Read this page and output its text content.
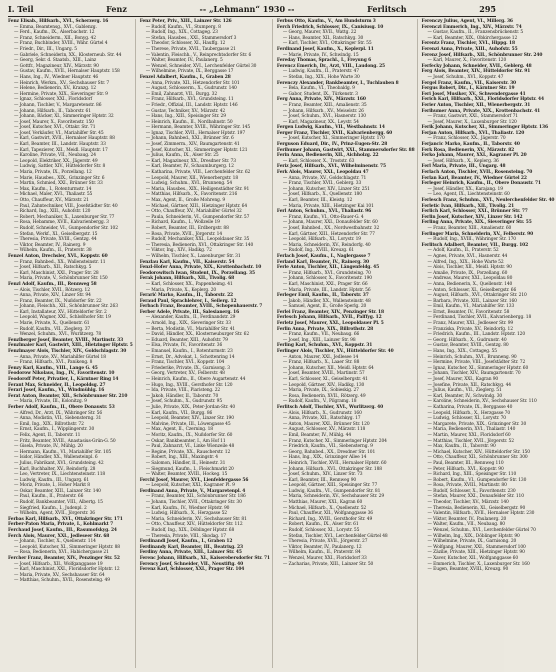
I. Teil	Fenz	-- „Lehmann“ 1930 --	Ferlitsch	295
Fenz Elisab., Hilfsarb., XVI., Scherzerg. 16
— Emma, Beamtensg., XVI., Gablenzg.
— Ferd., Kaufm., IX., Alserbachstr. 12
— Franz, Schneiderm., XII., Bonyg. 42
— Franz, Buchbinder, XVIII., Währ. Gürtel 4
— Friedr., Dir., III., Ungarg. 5
— Gabriele, Schneiderin, XX., Klosterneub. Str. 44
— Georg, Sekr. d. Staatsb., XIII., Lainz
— Gottfr., Magazineur, XIV., Märzstr. 90
— Gustav, Kaufm., XVII., Hernalser Hauptstr. 158
— Hans, Ing., IV., Wiedner Hauptstr. 46
— Heinrich, Werkm., XV., Sechshauser Str. 7
— Helene, Bedienerin, XV., Kranzg. 12
— Hermine, Private, XIX., Sieveringer Str. 9
— Ignaz, Schlosser, XXI., Floridsdorf
— Johann, Tischler, V., Margaretenstr. 86
— Johann, Hilfsarb., II., Taborstr. 61
— Johann, Bäcker, XI., Simmeringer Hptstr. 32
— Josef, Maurer, X., Favoritenstr. 150
— Josef, Kutscher, XVI., Ottakr. Str. 71
— Josef, Verkäufer, VI., Mariahilfer Str. 45
— Karl, Gastwirt, XVII., Hernalser Hauptstr. 88
— Karl, Beamter, III., Landstr. Hauptstr. 33
— Karl, Tapezierer, XII., Meidl. Hauptstr. 17
— Karoline, Private, VII., Neubaug. 24
— Leopold, Elektriker, XX., Jägerstr. 49
— Ludwig, Sattler, XIV., Hütteldorfer Str. 8
— Maria, Private, IX., Porzellang. 12
— Marie, Hausbes., XIX., Grinzinger Str. 6
— Martin, Schmied, XXI., Brünner Str. 33
— Max, Kaufm., I., Rotenturmstr. 14
— Michael, Maler, XVI., Thaliastr. 55
— Otto, Chauffeur, XV., Märzstr. 21
— Paul, Zahntechniker, VIII., Josefstädter Str. 40
— Richard, Ing., XIII., Auhofstr. 120
— Robert, Mechaniker, X., Laxenburger Str. 77
— Rosa, Hebamme, XVII., Kalvarienbergg. 3
— Rudolf, Schneider, VI., Gumpendorfer Str. 102
— Stefan, Werkf., XI., Geiselbergstr. 15
— Theresia, Private, XVIII., Gentzg. 44
— Viktor, Beamter, IV., Rainerg. 9
— Wilhelm, Kaufm., II., Praterstr. 38
Fenzel Anton, Drechsler, XVI., Koppstr. 60
— Franz, Bahnbed., XX., Wallensteinstr. 11
— Josef, Hilfsarb., XII., Ratschkyg. 5
— Karl, Maschinist, XXI., Prager Str. 28
— Maria, Private, V., Schönbrunner Str. 150
Fenzl Adolf, Kaufm., III., Rennweg 58
— Alois, Tischler, XVII., Rötzerg. 12
— Anna, Private, XIV., Linzer Str. 94
— Franz, Beamter, IX., Nußdorfer Str. 22
— Johann, Fleischh., XII., Schönbrunner Str. 263
— Karl, Installateur, XV., Hütteldorfer Str. 2
— Leopold, Wagner, XXI., Schloßhofer Str. 19
— Marie, Private, X., Quellenstr. 61
— Rudolf, Kaufm., VII., Zieglerg. 37
— Wenzel, Schuhm., XVI., Wurlitzerg. 78
Fenzlberger Josef, Beamter, XVIII., Martinstr. 33
Fenzlmaier Karl, Gastwirt, XIII., Hietzinger Hptstr. 5
Fenzlmayer Alois, Tischler, XIV., Goldschlagstr. 30
— Anna, Private, XV., Mariahilfer Gürtel 18
— Franz, Hilfsarb., XVI., Panikeng. 8
Fenzy Karl, Kaufm., VIII., Lange G. 45
Feodorow Nikolaus, Ing., IV., Favoritenstr. 10
Feodoroff Peter, Privatier, I., Kärntner Ring 14
Ferant Max, Schneider, II., Leopoldsg. 27
Ferari Josef, Kaufm., VI., Windmühlg. 16
Ferat Anton, Beamter, XII., Schönbrunner Str. 210
— Maria, Private, III., Kolonitzg. 9
Ferber Adolf, Kaufm., II., Obere Donaustr. 53
— Alfred, Dr., Arzt, IX., Währinger Str. 56
— Anna, Modistin, VII., Siebensterng. 31
— Emil, Ing., XIX., Billrothstr. 72
— Ernst, Kaufm., I., Wipplingerstr. 30
— Felix, Agent, II., Taborstr. 11
— Fritz, Beamter, XVIII., Anastasius-Grün-G. 50
— Gisela, Private, IV., Mühlg. 20
— Hermann, Kaufm., VI., Mariahilfer Str. 105
— Isidor, Händler, XX., Wallensteinpl. 6
— Julius, Fabrikant, XVI., Grundsteing. 42
— Karl, Buchhalter, XV., Reindorfg. 28
— Leo, Vertreter, IX., Liechtensteinstr. 118
— Ludwig, Kaufm., III., Ungarg. 61
— Moriz, Private, I., Hoher Markt 8
— Oskar, Beamter, XIII., Lainzer Str. 140
— Paul, Kaufm., II., Praterstr. 66
— Rudolf, Bankbeamter, VIII., Albertg. 15
— Siegfried, Kaufm., I., Judenpl. 2
— Wilhelm, Agent, XVII., Jörgerstr. 36
Ferbas Karl, Hilfsarb., XVI., Ottakringer Str. 171
Ferber-Paton Maria, Private, I., Kohlmarkt 7
Ferchaud Josef, Kaufm., III., Rasumofskyg. 24
Ferch Alois, Maurer, XXI., Jedleseer Str. 68
— Johann, Tischler, X., Quellenstr. 114
— Leopold, Kutscher, XI., Simmeringer Hptstr. 88
— Rosa, Bedienerin, XVI., Habichergasse 21
Fercher Franz, Beamter, XIV., Penzinger Str. 52
— Josef, Hilfsarb., XII., Wolfganggasse 19
— Karl, Maschinist, XXI., Floridsdorfer Hptstr. 12
— Maria, Private, XV., Sechshauser Str. 64
— Matthias, Schuhm., XVII., Rosensteing. 49
Fenz Peter, Priv., XIII., Lainzer Str. 126
— Rudolf, Kaufm., VI., Stumperg. 8
— Rudolf, Ing., XIX., Cottageg. 23
— Stefan, Hausbes., XXI., Stammersdorf 3
— Theodor, Schlosser, XI., Hauffg. 12
— Therese, Private, XVII., Taubergasse 21
— Valentin, Fleischh., V., Reinprechtsdorfer Str. 6
— Walter, Beamter, IV., Paulanerg. 5
— Wenzel, Schneider, XVI., Lerchenfelder Gürtel 30
— Wilhelmine, Private, IX., Berggasse 17
Fenzel Adalbert, Kaufm., I., Graben 28
— Anna, Private, XII., Hetzendorfer Str. 101
— August, Schlosserm., X., Gudrunstr. 140
— Emil, Zahnarzt, VII., Burgg. 32
— Franz, Hilfsarb., XVI., Grundsteing. 11
— Friedr., Offizial, III., Landstr. Hptstr. 146
— Gustav, Techniker, XV., Märzstr. 42
— Hans, Ing., XIII., Speisinger Str. 29
— Heinrich, Kaufm., II., Nordbahnstr. 50
— Hermann, Beamter, XVIII., Währinger Str. 145
— Ignaz, Tischler, XVII., Hernalser Hptstr. 197
— Johann, Bahnbed., XXI., Brünner Str. 6
— Josef, Zimmerm., XIV., Baumgartenstr. 41
— Josef, Kutscher, XI., Simmeringer Hptstr. 121
— Julius, Kaufm., IX., Alser Str. 25
— Karl, Magazineur, XX., Dresdner Str. 73
— Karl, Beamter, IV., Schaumburgerg. 12
— Katharina, Private, VIII., Lerchenfelder Str. 62
— Leopold, Maurer, XII., Wienerbergstr. 18
— Ludwig, Schuhm., XVI., Brunneng. 54
— Maria, Hausbes., XIX., Heiligenstädter Str. 91
— Matthias, Hilfsarb., X., Favoritenstr. 216
— Max, Agent, II., Große Mohreng. 9
— Michael, Gärtner, XIII., Hietzinger Hptstr. 64
— Otto, Chauffeur, XV., Mariahilfer Gürtel 32
— Paula, Schneiderin, VI., Gumpendorfer Str. 57
— Richard, Kaufm., I., Wollzeile 19
— Robert, Beamter, III., Erdbergstr. 88
— Rosa, Private, XVII., Jörgerstr. 14
— Rudolf, Mechaniker, XXI., Leopoldauer Str. 35
— Theresia, Bedienerin, XVI., Ottakringer Str. 140
— Viktor, Ing., XIV., Hadikg. 72
— Wilhelm, Tischler, X., Laxenburger Str. 31
Fenzlau Karl, Kaufm., VII., Kaiserstr. 54
Fenzl-Hofer Anna, Private, XIX., Krottenbachstr. 10
Feodorowitsch Iwan, Student, IX., Porzellang. 35
Ferak Johann, Hilfsarb., XII., Tivolig. 68
— Karl, Schlosser, XX., Pappenheimg. 41
— Maria, Private, X., Keplerg. 20
Ferarić Marko, Kaufm., II., Taborstr. 22
Feraud Paul, Sprachlehrer, I., Seilerg. 12
Ferbach Franz, Beamter, XVIII., Schopenhauerstr. 7
Ferber Adele, Private, III., Salesianerg. 16
— Alexander, Kaufm., II., Ferdinandstr. 29
— Arnold, Ing., XIX., Sieveringer Str. 33
— Berta, Modistin, VI., Mariahilfer Str. 41
— David, Händler, XX., Klosterneuburger Str. 62
— Eduard, Beamter, XIII., Auhofstr. 79
— Elsa, Private, IV., Favoritenstr. 36
— Emanuel, Kaufm., I., Rotenturmstr. 23
— Ernst, Dr., Advokat, I., Schottenring 14
— Franz, Tischler, XVI., Koppstr. 104
— Friederike, Private, IX., Garnisong. 3
— Georg, Vertreter, XV., Felberstr. 48
— Heinrich, Kaufm., II., Obere Augartenstr. 44
— Hugo, Ing., XVIII., Gersthofer Str. 120
— Ida, Private, VIII., Piaristeng. 22
— Jakob, Händler, II., Taborstr. 70
— Josef, Schuhm., X., Gudrunstr. 95
— Julie, Private, XIX., Peter-Jordan-Str. 40
— Karl, Kaufm., VII., Burgg. 86
— Leopold, Beamter, XIV., Linzer Str. 190
— Malvine, Private, III., Löwengasse 45
— Max, Agent, II., Czerning. 18
— Moritz, Kaufm., IX., Nußdorfer Str. 60
— Oskar, Bankbeamter, I., Am Hof 11
— Paul, Zahnarzt, VI., Linke Wienzeile 48
— Regine, Private, XX., Rauscherstr. 12
— Robert, Ing., XIII., Maxingstr. 4
— Salomon, Händler, II., Heinestr. 31
— Siegmund, Kaufm., I., Fleischmarkt 20
— Walter, Beamter, XVIII., Hockeg. 15
Ferchl Josef, Maurer, XVI., Lienfeldergasse 56
— Leopold, Kutscher, XXI., Kagraner Pl. 9
Ferdinand Anna, Private, V., Margaretenpl. 4
— Franz, Beamter, XII., Schönbrunner Str. 186
— Johann, Tischler, XVII., Ottakringer Str. 30
— Karl, Kaufm., IV., Wiedner Hptstr. 90
— Ludwig, Hilfsarb., X., Herzgasse 52
— Maria, Schneiderin, XV., Sechshauser Str. 81
— Otto, Chauffeur, XIV., Hütteldorfer Str. 112
— Rudolf, Ing., XIX., Döblinger Hptstr. 68
— Theresia, Private, VIII., Skodag. 17
Ferdinandi Josef, Kaufm., I., Graben 12
Ferdinandy Karl, Beamter, III., Beatrixg. 23
Ferdiny Anna, Private, XIII., Lainzer Str. 45
Ferenc Johann, Hilfsarb., XI., Kaiserebersdorfer Str. 71
Ferency Josef, Schneider, VII., Neustiftg. 40
Ferenz Karl, Schlosser, XXI., Prager Str. 104
Ferbus Otto, Kaufm., V., Am Hundsturm 3
Ferch Friedrich, Schlosser, IX., Canisiusg. 10
— Georg, Maurer, XVII., Wattg. 22
— Hans, Beamter, XII., Ratschkyg. 30
— Karl, Tischler, XVI., Ottakringer Str. 55
Ferdinand Josef, Kaufm., X., Keplerpl. 11
— Marie, Private, IV., Schwindg. 15
Fereday Thomas, Sprachl., I., Freyung 6
Ferencz Emerich, Dr., Arzt, VIII., Laudong. 25
— Ludwig, Kaufm., II., Praterstr. 47
— Stefan, Ing., XIX., Hohe Warte 30
Ferenczy Alexander, Bankbeamter, I., Tuchlauben 8
— Bela, Kaufm., VI., Theobaldg. 9
— Gabor, Student, IX., Türkenstr. 3
Ferg Anna, Private, XIV., Märzstr. 160
— Franz, Beamter, XIII., Amalienstr. 35
— Johann, Hilfsarb., XV., Meiselstr. 26
— Josef, Schuhm., XVI., Hasnerstr. 130
— Karl, Magazineur, XX., Leystr. 54
Fergen Ludwig, Kaufm., VII., Westbahnstr. 14
Ferger Franz, Tischler, XVII., Kalvarienbergg. 60
— Josef, Kutscher, XI., Simmeringer Hptstr. 170
Ferguson Eduard, Dir., IV., Prinz-Eugen-Str. 28
Ferihumer Johann, Gastwirt, XXI., Stammersdorfer Str. 88
Ferin Anna, Bedienerin, XII., Aichholzg. 22
— Karl, Schlosser, X., Troststr. 63
Feriz Josef, Hilfsarb., XVI., Wilhelminenstr. 75
Ferk Alois, Maurer, XXI., Leopoldau 47
— Anna, Private, XV., Goldschlagstr. 71
— Franz, Tischler, XVII., Geblerg. 33
— Johann, Kutscher, XIV., Linzer Str. 251
— Josef, Hilfsarb., X., Quellenstr. 180
— Karl, Beamter, III., Kleistg. 12
— Maria, Private, XIII., Hietzinger Kai 101
Ferl Anton, Schuhm., XVI., Thaliastr. 96
— Franz, Kaufm., VI., Otto-Bauer-G. 4
— Johann, Maurer, XXI., Donaufelder Str. 60
— Josef, Bahnbed., XX., Nordwestbahnstr. 32
— Karl, Gärtner, XIII., Hetzendorfer Str. 77
— Leopold, Hilfsarb., XI., Lorystr. 19
— Maria, Schneiderin, XV., Reindorfg. 40
— Rudolf, Ing., XVIII., Kreuzg. 61
Ferlach Josef, Kaufm., I., Naglergasse 7
Ferland Karl, Beamter, IV., Rainerg. 30
Ferle Anton, Tischler, XII., Längenfeldg. 45
— Franz, Hilfsarb., XVI., Grundsteing. 70
— Johann, Schlosser, X., Favoritenstr. 190
— Karl, Maschinist, XXI., Prager Str. 66
— Maria, Private, III., Landstr. Hptstr. 56
Ferleger Emil, Kaufm., II., Taborstr. 37
— Jakob, Händler, XX., Wallensteinstr. 48
— Samuel, Agent, II., Große Sperlg. 20
Ferlei Franz, Beamter, XIV., Penzinger Str. 18
Ferlesch Johann, Hilfsarb., XVII., Palffyg. 12
Ferletz Josef, Maurer, XXI., Leopoldauer Pl. 5
Ferlin Anna, Private, XIX., Billrothstr. 28
— Franz, Kaufm., VII., Neubaug. 66
— Josef, Ing., XIII., Lainzer Str. 98
Ferling Karl, Schuhm., XVI., Koppstr. 31
Ferlinger Alois, Tischler, XV., Hütteldorfer Str. 40
— Anton, Maurer, XXI., Jedlesee 14
— Franz, Hilfsarb., X., Laaer Str. 88
— Johann, Kutscher, XII., Meidl. Hptstr. 64
— Josef, Beamter, XVIII., Martinstr. 57
— Karl, Schlosser, XI., Geiselbergstr. 41
— Leopold, Gärtner, XIV., Hadikg. 130
— Maria, Private, IX., Sobieskig. 27
— Rosa, Bedienerin, XVII., Rötzerg. 49
— Rudolf, Kaufm., V., Pilgramg. 18
Ferlitsch Adolf, Tischler, XVI., Wurlitzerg. 40
— Alois, Hilfsarb., X., Gudrunstr. 160
— Anna, Private, XII., Ratschkyg. 17
— Anton, Maurer, XXI., Brünner Str. 120
— August, Schlosser, XV., Märzstr. 118
— Emil, Beamter, IV., Mühlg. 44
— Franz, Kutscher, XI., Simmeringer Hptstr. 204
— Friedrich, Kaufm., VII., Siebensterng. 9
— Georg, Bahnbed., XX., Dresdner Str. 101
— Hans, Ing., XIX., Grinzinger Allee 14
— Heinrich, Tischler, XVII., Hernalser Hptstr. 60
— Johann, Hilfsarb., XVI., Ottakringer Str. 188
— Josef, Schuhm., XIV., Linzer Str. 73
— Karl, Beamter, III., Rennweg 90
— Leopold, Gärtner, XIII., Speisinger Str. 77
— Ludwig, Kaufm., VI., Gumpendorfer Str. 81
— Maria, Schneiderin, XV., Sechshauser Str. 29
— Matthias, Maurer, XXI., Kagran 60
— Michael, Hilfsarb., X., Quellenstr. 52
— Paul, Chauffeur, XII., Wolfganggasse 36
— Richard, Ing., XVIII., Gersthofer Str. 49
— Robert, Kaufm., IX., Alser Str. 61
— Rudolf, Schlosser, XI., Lorystr. 55
— Stefan, Tischler, XVI., Lerchenfelder Gürtel 48
— Theresia, Private, XVII., Jörgerstr. 27
— Viktor, Beamter, IV., Paulanerg. 12
— Wilhelm, Kaufm., II., Praterstr. 84
— Wenzel, Maurer, XXI., Floridsdorf 33
— Zacharias, Private, XIII., Lainzer Str. 50
Ferenczy Julius, Agent, VI., Millerg. 36
Ferenczi Emmerich, Ing., XIV., Märzstr. 74
— Gustav, Kaufm., II., Franzensbrückenstr. 5
— Karl, Beamter, XIX., Obkirchergasse 12
Ferentz Franz, Tischler, XVI., Hippg. 18
Ferenzi Anna, Private, XIII., Auhofstr. 55
Ferenz Josef, Hilfsarb., XII., Schönbrunner Str. 240
— Karl, Maurer, X., Favoritenstr. 120
Ferfecky Johann, Schneider, XVII., Geblerg. 48
Ferg Alois, Beamter, XIV., Hütteldorfer Str. 91
— Josef, Schuhm., XVI., Koppstr. 47
Fergel Franz, Kaufm., VII., Kaiserstr. 30
Fergus Robert, Dir., I., Kärntner Str. 19
Feri Josef, Musiker, XV., Schwendergasse 41
Ferich Karl, Hilfsarb., XXI., Floridsdorfer Hptstr. 44
Ferier Anton, Tischler, XII., Wienerbergstr. 31
Ferihumer Anna, Private, XIX., Krottenbachstr. 41
— Franz, Gastwirt, XXI., Stammersdorf 71
— Josef, Maurer, X., Laxenburger Str. 120
Ferik Johann, Kutscher, XI., Simmeringer Hptstr. 136
Ferjan Anton, Hilfsarb., XVI., Thaliastr. 120
— Franz, Schlosser, XX., Jägerstr. 70
Ferjancic Marko, Kaufm., II., Taborstr. 40
Ferk Rosa, Bedienerin, XV., Märzstr. 82
Ferko Johann, Maurer, XXI., Kagraner Pl. 20
— Josef, Hilfsarb., X., Keplerg. 36
Ferl Maria, Private, III., Ungarg. 48
Ferlach Anton, Tischler, XVII., Rosensteing. 70
Ferlan Karl, Beamter, IV., Wiedner Gürtel 22
Ferleger Heinrich, Kaufm., II., Obere Donaustr. 71
— Josef, Händler, XX., Karajang. 19
— Leo, Agent, IX., Liechtensteinstr. 60
Ferlesch Franz, Schuhm., XVI., Neulerchenfelder Str. 40
Ferletic Ivan, Hilfsarb., XII., Tivolig. 21
Ferlich Karl, Schlosser, XXI., Brünner Str. 77
Ferlin Josef, Kutscher, XIV., Linzer Str. 142
Ferling Anna, Private, XIX., Sieveringer Str. 55
— Franz, Beamter, XIII., Amalienstr. 60
Ferlinger Maria, Schneiderin, XV., Felberstr. 90
— Rudolf, Ing., XVIII., Währinger Str. 170
Ferlitsch Adalbert, Beamter, VII., Burgg. 102
— Adolf, Kaufm., II., Praterstr. 52
— Agnes, Private, XVI., Hasnerstr. 44
— Alfred, Ing., XIX., Hohe Warte 52
— Alois, Tischler, XII., Meidl. Hptstr. 90
— Amalie, Private, IX., Porzellang. 60
— Andreas, Maurer, XXI., Leopoldau 80
— Anna, Bedienerin, X., Quellenstr. 140
— Anton, Schlosser, XI., Geiselbergstr. 66
— August, Hilfsarb., XVI., Ottakringer Str. 210
— Barbara, Private, XIII., Lainzer Str. 160
— Emil, Kaufm., VI., Mariahilfer Str. 133
— Ernst, Beamter, IV., Favoritenstr. 58
— Ferdinand, Tischler, XVII., Kalvarienbergg. 18
— Franz, Maurer, XXI., Jedleseer Str. 99
— Franziska, Private, XV., Reindorfg. 12
— Friedrich, Kaufm., III., Landstr. Hptstr. 120
— Georg, Hilfsarb., X., Gudrunstr. 40
— Gustav, Beamter, XVIII., Gentzg. 80
— Hans, Ing., XIX., Cottageg. 55
— Heinrich, Schuhm., XVI., Brunneng. 90
— Hermine, Private, VIII., Josefstädter Str. 72
— Ignaz, Kutscher, XI., Simmeringer Hptstr. 60
— Johann, Tischler, XIV., Baumgartenstr. 70
— Josef, Maurer, XXI., Kagran 90
— Josefine, Private, XII., Ratschkyg. 44
— Julius, Kaufm., VII., Zieglerg. 51
— Karl, Beamter, IV., Schwindg. 30
— Karoline, Schneiderin, XV., Sechshauser Str. 110
— Katharina, Private, IX., Berggasse 40
— Leopold, Hilfsarb., X., Herzgasse 70
— Ludwig, Schlosser, XI., Lorystr. 70
— Margarete, Private, XIX., Grinzinger Str. 30
— Maria, Bedienerin, XVI., Thaliastr. 140
— Martin, Maurer, XXI., Floridsdorf 60
— Matthias, Tischler, XVII., Jörgerstr. 52
— Max, Kaufm., II., Taborstr. 90
— Michael, Kutscher, XIV., Hütteldorfer Str. 150
— Otto, Chauffeur, XII., Schönbrunner Str. 300
— Paul, Beamter, III., Rennweg 110
— Peter, Hilfsarb., XVI., Koppstr. 90
— Richard, Ing., XIII., Speisinger Str. 110
— Robert, Kaufm., VI., Gumpendorfer Str. 130
— Rosa, Private, XVIII., Martinstr. 80
— Rudolf, Schlosser, X., Favoritenstr. 230
— Stefan, Maurer, XXI., Donaufelder Str. 110
— Theodor, Tischler, XV., Märzstr. 140
— Theresia, Bedienerin, XI., Geiselbergstr. 90
— Valentin, Hilfsarb., XVII., Hernalser Hptstr. 230
— Viktor, Beamter, IV., Paulanerg. 20
— Walter, Kaufm., VII., Neubaug. 80
— Wenzel, Schuhm., XVI., Lerchenfelder Gürtel 70
— Wilhelm, Ing., XIX., Döblinger Hptstr. 90
— Wilhelmine, Private, IX., Garnisong. 20
— Wolfgang, Maurer, XXI., Stammersdorf 100
— Zäzilie, Private, XIII., Hietzinger Hptstr. 90
— Xaver, Kutscher, XII., Wolfganggasse 60
— Emmerich, Tischler, X., Laxenburger Str. 160
— Eugen, Beamter, XVIII., Kreuzg. 90
